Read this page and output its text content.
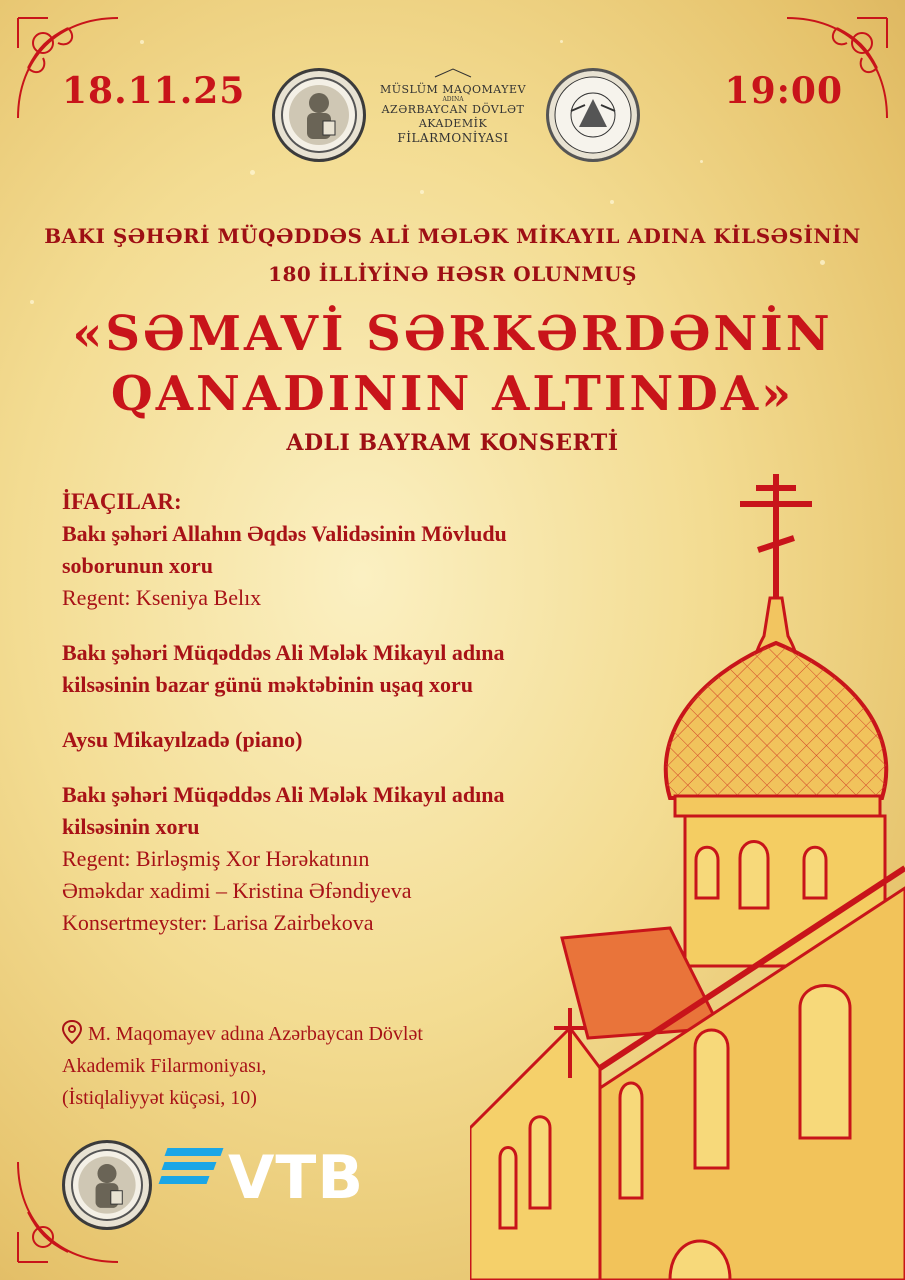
18.11.25	19:00
MÜSLÜM MAQOMAYEV
ADINA
AZƏRBAYCAN DÖVLƏT
AKADEMİK
FİLARMONİYASI
BAKI ŞƏHƏRİ MÜQƏDDƏS ALİ MƏLƏK MİKAYIL ADINA KİLSƏSİNİN
180 İLLİYİNƏ HƏSR OLUNMUŞ
«SƏMAVİ SƏRKƏRDƏNİN
QANADININ ALTINDA»
ADLI BAYRAM KONSERTİ
İFAÇILAR:
Bakı şəhəri Allahın Əqdəs Validəsinin Mövludu
soborunun xoru
Regent: Kseniya Belıx
Bakı şəhəri Müqəddəs Ali Mələk Mikayıl adına
kilsəsinin bazar günü məktəbinin uşaq xoru
Aysu Mikayılzadə (piano)
Bakı şəhəri Müqəddəs Ali Mələk Mikayıl adına
kilsəsinin xoru
Regent: Birləşmiş Xor Hərəkatının
Əməkdar xadimi – Kristina Əfəndiyeva
Konsertmeyster: Larisa Zairbekova
M. Maqomayev adına Azərbaycan Dövlət
Akademik Filarmoniyası,
(İstiqlaliyyət küçəsi, 10)
VTB
